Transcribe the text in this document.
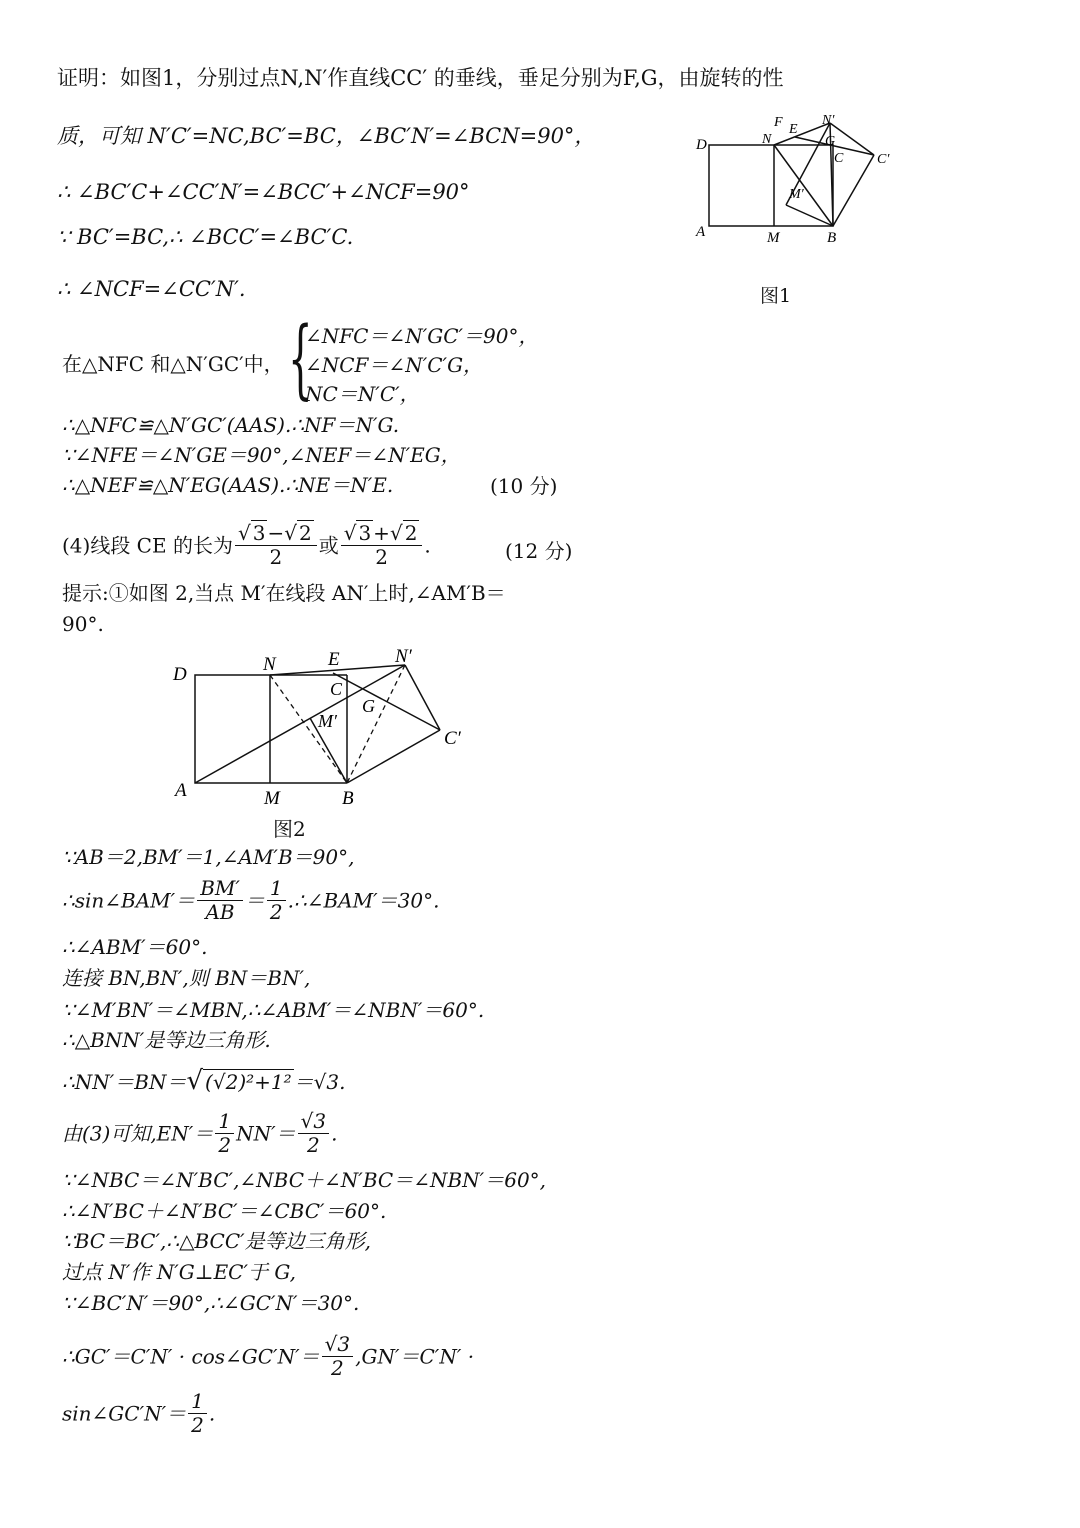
证明：如图1，分别过点N,N′作直线CC′ 的垂线，垂足分别为F,G，由旋转的性
质，可知 N′C′=NC,BC′=BC，∠BC′N′=∠BCN=90°，
∴ ∠BC′C+∠CC′N′=∠BCC′+∠NCF=90°
∵ BC′=BC,∴ ∠BCC′=∠BC′C.
∴ ∠NCF=∠CC′N′.
在△NFC 和△N′GC′中， {
∠NFC＝∠N′GC′＝90°，
∠NCF＝∠N′C′G，
NC＝N′C′，
∴△NFC≌△N′GC′(AAS).∴NF＝N′G.
∵∠NFE＝∠N′GE＝90°,∠NEF＝∠N′EG，
∴△NEF≌△N′EG(AAS).∴NE＝N′E.	(10 分)
(4)线段 CE 的长为 $\frac{√ 3 -√ 2}{2}$ 或 $\frac{√ 3 +√ 2}{2}$ .	(12 分)
提示:①如图 2,当点 M′在线段 AN′上时,∠AM′B＝
90°.
D
A	M	B
N
F E
N′
G
C C′
M′
图1
D
A	M	B
N	E	N′
C
G
C′
M′
图2
∵AB＝2,BM′＝1,∠AM′B＝90°,
∴sin∠BAM′＝ $\frac{BM'}{AB} = \frac{1}{2}$ .∴∠BAM′＝30°.
∴∠ABM′＝60°.
连接 BN,BN′,则 BN＝BN′,
∵∠M′BN′＝∠MBN,∴∠ABM′＝∠NBN′＝60°.
∴△BNN′是等边三角形.
∴NN′＝BN＝√ (√2)²+1² ＝√3.
由(3)可知$,EN'= \frac{1}{2} NN'= \frac{√3}{2}$ .
∵∠NBC＝∠N′BC′,∠NBC＋∠N′BC＝∠NBN′＝60°,
∴∠N′BC＋∠N′BC′＝∠CBC′＝60°.
∵BC＝BC′,∴△BCC′是等边三角形,
过点 N′作 N′G⊥EC′于 G,
∵∠BC′N′＝90°,∴∠GC′N′＝30°.
∴GC′＝C′N′ · cos∠GC′N′＝ $\frac{√3}{2} ,GN'=C'N'$ ·
sin∠GC′N′＝ $\frac{1}{2}$ .
